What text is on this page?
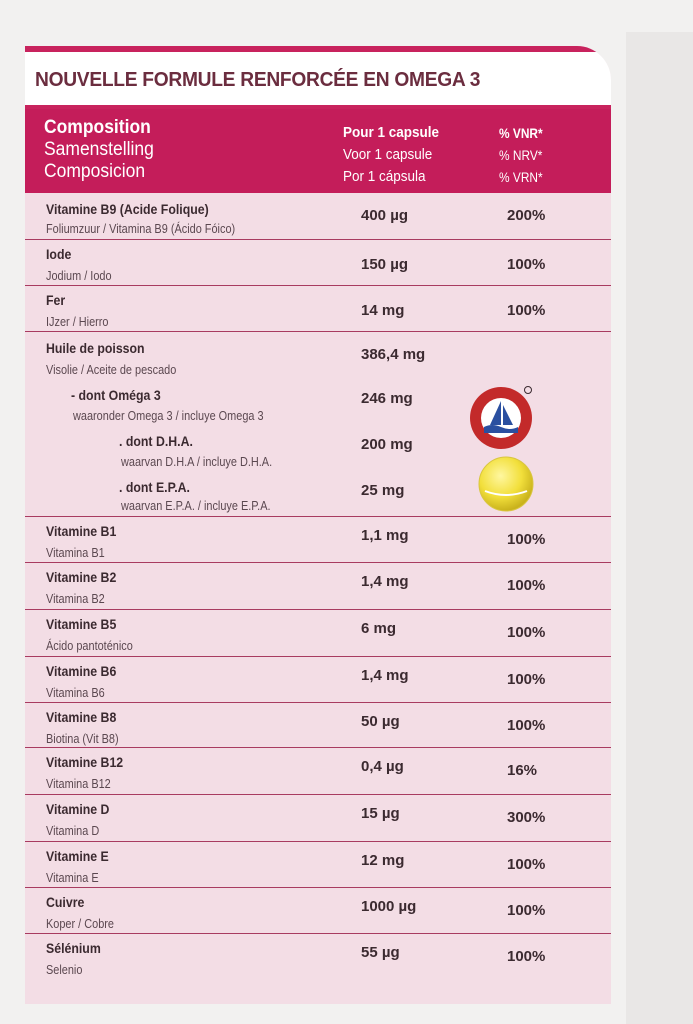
NOUVELLE FORMULE RENFORCÉE EN OMEGA 3
Composition
Samenstelling
Composicion
Pour 1 capsule
Voor 1 capsule
Por 1 cápsula
% VNR*
% NRV*
% VRN*
Vitamine B9 (Acide Folique)
Foliumzuur / Vitamina B9 (Ácido Fóico)
400 µg	200%
Iode
Jodium / Iodo
150 µg	100%
Fer
IJzer / Hierro
14 mg	100%
Huile de poisson
Visolie / Aceite de pescado
386,4 mg
- dont Oméga 3
waaronder Omega 3 / incluye Omega 3
246 mg
. dont D.H.A.
waarvan D.H.A / incluye D.H.A.
200 mg
. dont E.P.A.
waarvan E.P.A. / incluye E.P.A.
25 mg
Vitamine B1
Vitamina B1
1,1 mg	100%
Vitamine B2
Vitamina B2
1,4 mg	100%
Vitamine B5
Ácido pantoténico
6 mg	100%
Vitamine B6
Vitamina B6
1,4 mg	100%
Vitamine B8
Biotina (Vit B8)
50 µg	100%
Vitamine B12
Vitamina B12
0,4 µg	16%
Vitamine D
Vitamina D
15 µg	300%
Vitamine E
Vitamina E
12 mg	100%
Cuivre
Koper / Cobre
1000 µg	100%
Sélénium
Selenio
55 µg	100%
